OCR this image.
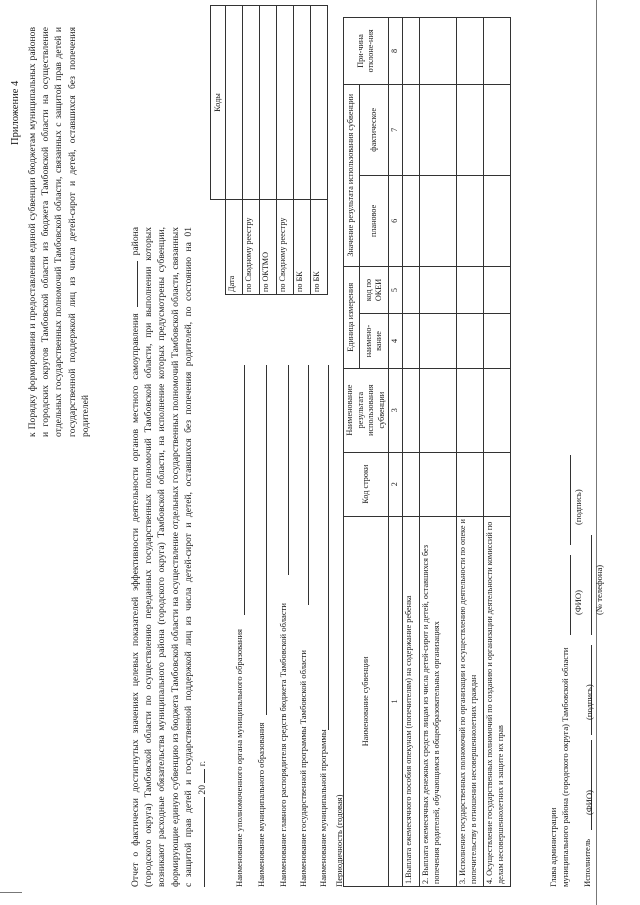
Приложение 4 к Порядку формирования и предоставления единой субвенции бюджетам муниципальных районов и городских округов Тамбовской области из бюджета Тамбовской области на осуществление отдельных государственных полномочий Тамбовской области, связанных с защитой прав детей и государственной поддержкой лиц из числа детей-сирот и детей, оставшихся без попечения родителей	Отчет о фактически достигнутых значениях целевых показателей эффективности деятельности органов местного самоуправления  района (городского округа) Тамбовской области по осуществлению переданных государственных полномочий Тамбовской области, при выполнении которых возникают расходные обязательства муниципального района (городского округа) Тамбовской области, на исполнение которых предусмотрены субвенции, формирующие единую субвенцию из бюджета Тамбовской области на осуществление отдельных государственных полномочий Тамбовской области, связанных с защитой прав детей и государственной поддержкой лиц из числа детей-сирот и детей, оставшихся без попечения родителей, по состоянию на 01 20  г.	Наименование уполномоченного органа муниципального образования Наименование муниципального образования Наименование главного распорядителя средств бюджета Тамбовской области Наименование государственной программы Тамбовской области Наименование муниципальной программы Периодичность (годовая)
	Коды
Дата	
по Сводному реестру	
по ОКТМО	
по Сводному реестру	
по БК	
по БК	
Наименование субвенции	Код строки	Наименование результата использования субвенции	Единица измерения		Значение результата использования субвенции		При-чина отклоне-ния
			наимено-вание	код по ОКЕИ	плановое	фактическое	
1	2	3	4	5	6	7	8
1.Выплата ежемесячного пособия опекунам (попечителям) на содержание ребенка							
2. Выплата ежемесячных денежных средств лицам из числа детей-сирот и детей, оставшихся без попечения родителей, обучающимся в общеобразовательных организациях							
3. Исполнение государственных полномочий по организации и осуществлению деятельности по опеке и попечительству в отношении несовершеннолетних граждан							
4. Осуществление государственных полномочий по созданию и организации деятельности комиссий по делам несовершеннолетних и защите их прав								Глава администрации муниципального района (городского округа) Тамбовской области
(ФИО)
(подпись)
Исполнитель
(ФИО)
(подпись)
(№ телефона)
